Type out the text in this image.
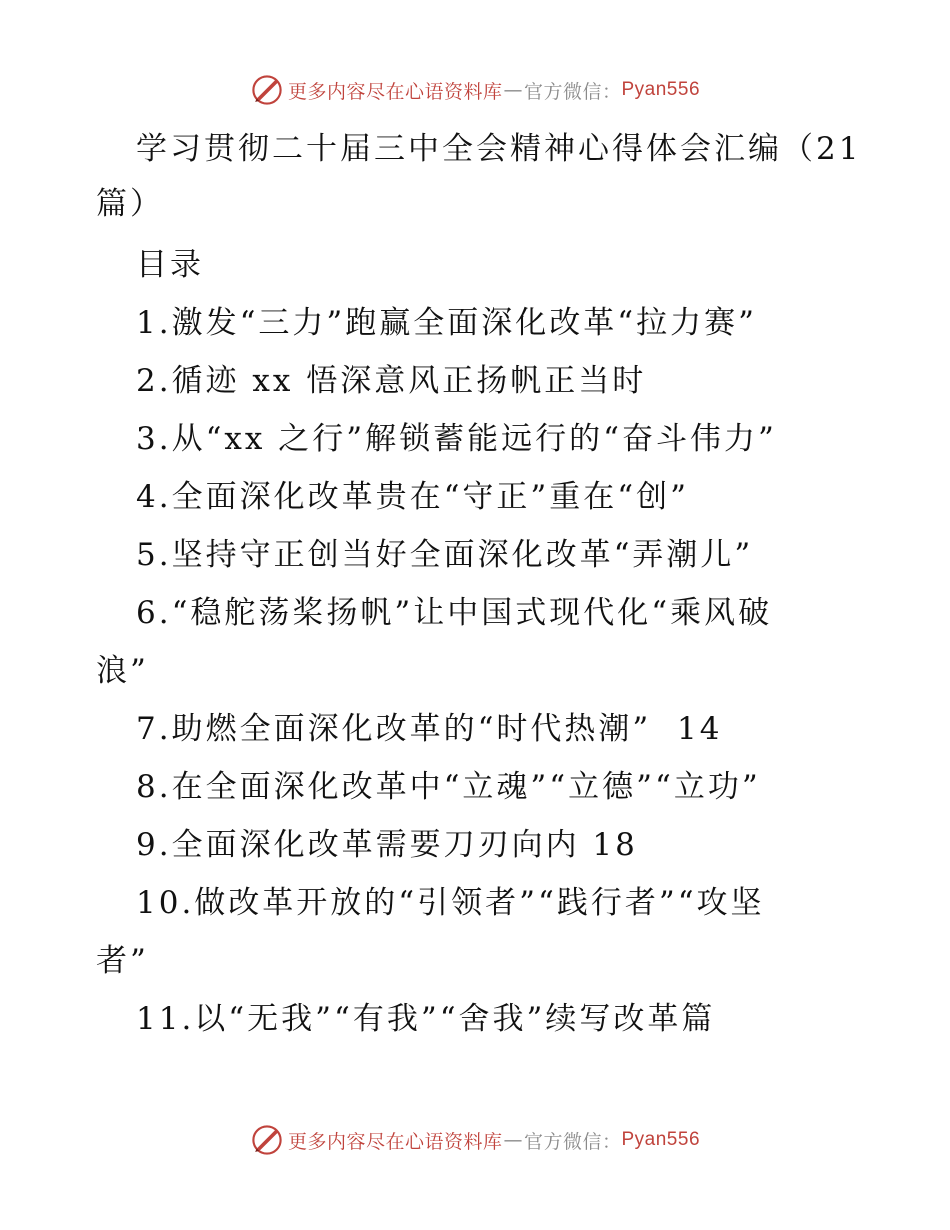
更多内容尽在心语资料库 — 官方微信： Pyan556
学习贯彻二十届三中全会精神心得体会汇编（21
篇）
目录
1.激发“三力”跑赢全面深化改革“拉力赛”
2.循迹 xx 悟深意风正扬帆正当时
3.从“xx 之行”解锁蓄能远行的“奋斗伟力”
4.全面深化改革贵在“守正”重在“创”
5.坚持守正创当好全面深化改革“弄潮儿”
6.“稳舵荡桨扬帆”让中国式现代化“乘风破
浪”
7.助燃全面深化改革的“时代热潮”  14
8.在全面深化改革中“立魂”“立德”“立功”
9.全面深化改革需要刀刃向内 18
10.做改革开放的“引领者”“践行者”“攻坚
者”
11.以“无我”“有我”“舍我”续写改革篇
更多内容尽在心语资料库 — 官方微信： Pyan556
